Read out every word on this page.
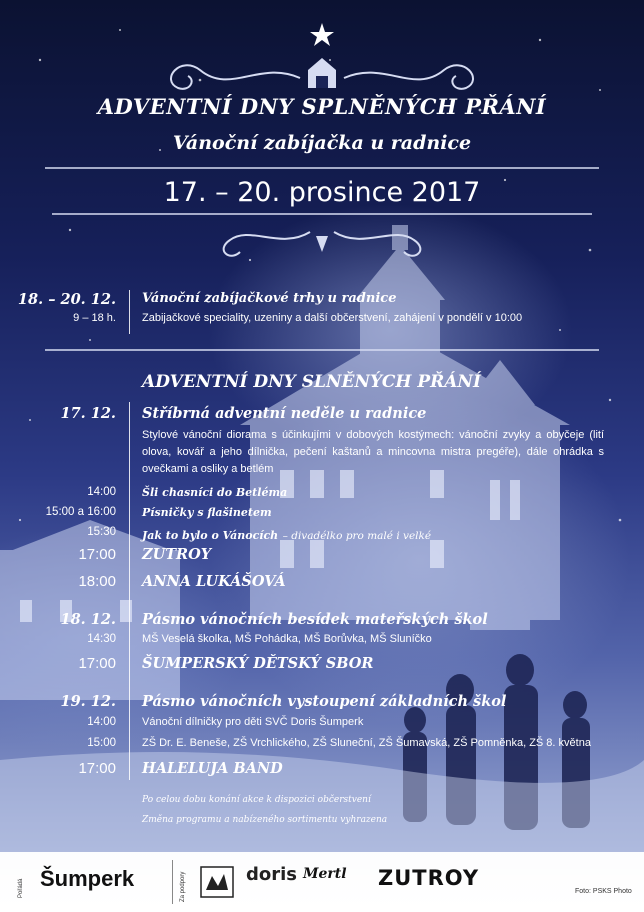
ADVENTNÍ DNY SPLNĚNÝCH PŘÁNÍ
Vánoční zabíjačka u radnice
17. – 20. prosince 2017
18. – 20. 12. Vánoční zabíjačkové trhy u radnice
9 – 18 h. Zabijačkové speciality, uzeniny a další občerstvení, zahájení v pondělí v 10:00
ADVENTNÍ DNY SLNĚNÝCH PŘÁNÍ
17. 12. Stříbrná adventní neděle u radnice
Stylové vánoční diorama s účinkujími v dobových kostýmech: vánoční zvyky a obyčeje (lití olova, kovář a jeho dílnička, pečení kaštanů a mincovna mistra pregéře), dále ohrádka s ovečkami a osliky a betlém
14:00 Šli chasníci do Betléma
15:00 a 16:00 Písničky s flašinetem
15:30 Jak to bylo o Vánocích – divadélko pro malé i velké
17:00 ZUTROY
18:00 ANNA LUKÁŠOVÁ
18. 12. Pásmo vánočních besídek mateřských škol
14:30 MŠ Veselá školka, MŠ Pohádka, MŠ Borůvka, MŠ Sluníčko
17:00 ŠUMPERSKÝ DĚTSKÝ SBOR
19. 12. Pásmo vánočních vystoupení základních škol
14:00 Vánoční dílničky pro děti SVČ Doris Šumperk
15:00 ZŠ Dr. E. Beneše, ZŠ Vrchlického, ZŠ Sluneční, ZŠ Šumavská, ZŠ Pomněnka, ZŠ 8. května
17:00 HALELUJA BAND
Po celou dobu konání akce k dispozici občerstvení
Změna programu a nabízeného sortimentu vyhrazena
Pořádá Šumperk	Za podpory	doris Mertl ZUTROY
Foto: PSKS Photo
